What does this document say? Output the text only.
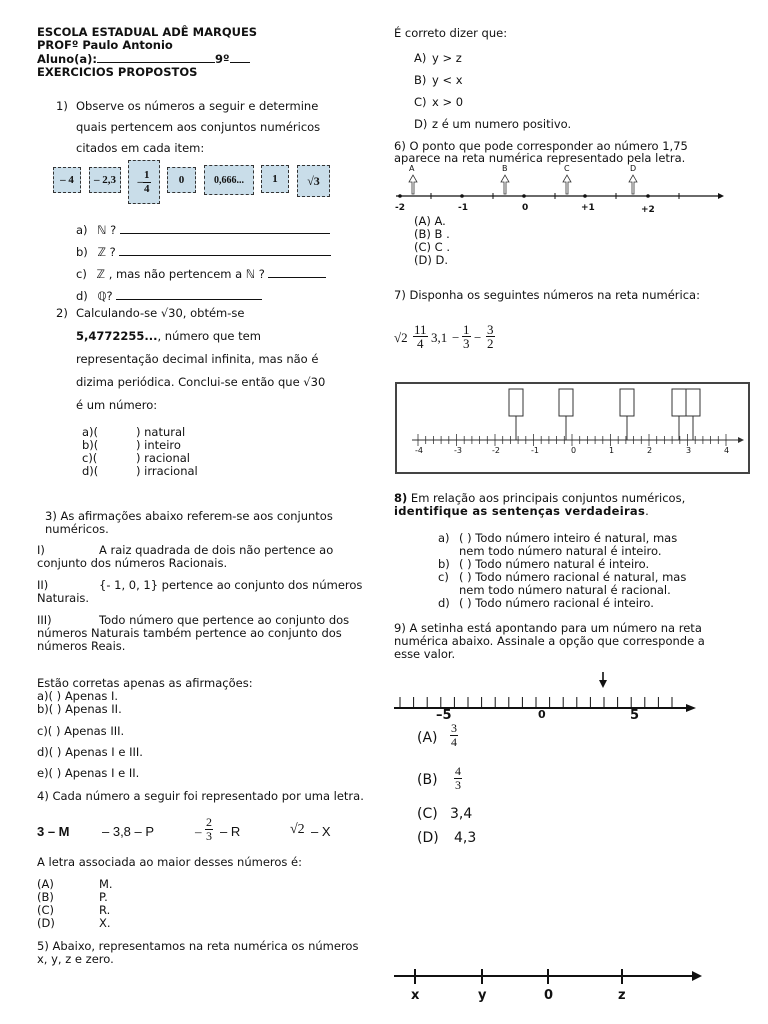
ESCOLA ESTADUAL ADÊ MARQUES
PROFº Paulo Antonio
Aluno(a):	9º
EXERCICIOS PROPOSTOS
1) Observe os números a seguir e determine
quais pertencem aos conjuntos numéricos
citados em cada item:
– 4	– 2,3	– $\frac{1}{4}$	0	0,666...	1	√3
a) ℕ ?
b) ℤ ?
c) ℤ , mas não pertencem a ℕ ?
d) ℚ?
2) Calculando-se √30, obtém-se
5,4772255..., número que tem
representação decimal infinita, mas não é
dizima periódica. Conclui-se então que √30
é um número:
a)(	) natural
b)(	) inteiro
c)(	) racional
d)(	) irracional
3) As afirmações abaixo referem-se aos conjuntos
numéricos.
I)	A raiz quadrada de dois não pertence ao
conjunto dos números Racionais.
II)	{- 1, 0, 1} pertence ao conjunto dos números
Naturais.
III)	Todo número que pertence ao conjunto dos
números Naturais também pertence ao conjunto dos
números Reais.
Estão corretas apenas as afirmações:
a)( ) Apenas I.
b)( ) Apenas II.
c)( ) Apenas III.
d)( ) Apenas I e III.
e)( ) Apenas I e II.
4) Cada número a seguir foi representado por uma letra.
3 – M – 3,8 – P	– $\frac{2}{3}$ – R	√2 – X
A letra associada ao maior desses números é:
(A)	M.
(B)	P.
(C)	R.
(D)	X.
5) Abaixo, representamos na reta numérica os números
x, y, z e zero.
É correto dizer que:
A) y > z
B) y < x
C) x > 0
D) z é um numero positivo.
6) O ponto que pode corresponder ao número 1,75
aparece na reta numérica representado pela letra.
A	B	C	D
-2	-1	0	+1	+2
(A) A.
(B) B .
(C) C .
(D) D.
7) Disponha os seguintes números na reta numérica:
$√2 \frac{11}{4} 3,1 - \frac{1}{3} - \frac{3}{2}$
-4	-3	-2	-1	0	1	2	3	4
8) Em relação aos principais conjuntos numéricos,
identifique as sentenças verdadeiras.
a) ( ) Todo número inteiro é natural, mas
nem todo número natural é inteiro.
b) ( ) Todo número natural é inteiro.
c) ( ) Todo número racional é natural, mas
nem todo número natural é racional.
d) ( ) Todo número racional é inteiro.
9) A setinha está apontando para um número na reta
numérica abaixo. Assinale a opção que corresponde a
esse valor.
–5	0	5
$(A) \frac{3}{4}$
$(B) \frac{4}{3}$
(C) 3,4
(D) 4,3
x	y	0	z
